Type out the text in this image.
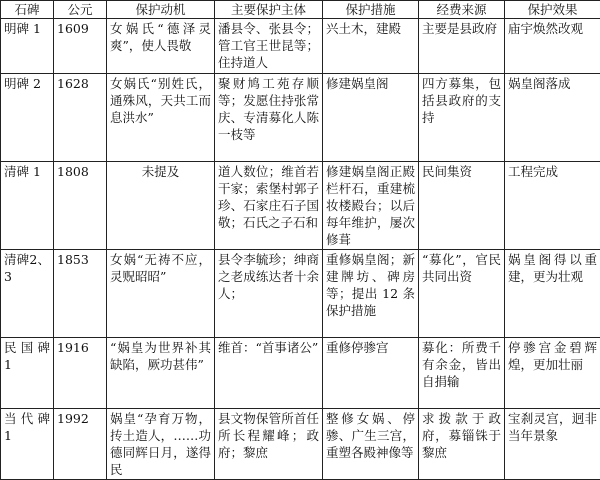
石碑	公元	保护动机	主要保护主体	保护措施	经费来源	保护效果
明碑 1	1609	女娲氏“德泽灵爽”，使人畏敬	潘县令、张县令；管工官王世昆等；住持道人	兴土木，建殿	主要是县政府	庙宇焕然改观
明碑 2	1628	女娲氏“别姓氏，通殊风，天共工而息洪水”	聚财鸠工苑存顺等；发愿住持张常庆、专清募化人陈一枝等	修建娲皇阁	四方募集，包括县政府的支持	娲皇阁落成
清碑 1	1808	未提及	道人数位；维首若干家；索堡村郭子珍、石家庄石子国敬；石氏之子石和	修建娲皇阁正殿栏杆石，重建梳妆楼殿台；以后每年维护，屡次修葺	民间集资	工程完成
清碑2、3	1853	女娲“无祷不应，灵贶昭昭”	县令李毓珍；绅商之老成练达者十余人；	重修娲皇阁；新建牌坊、碑房等；提出 12 条保护措施	“募化”，官民共同出资	娲皇阁得以重建，更为壮观
民国碑 1	1916	“娲皇为世界补其缺陷，厥功甚伟”	维首：“首事诸公”	重修停骖宫	募化：所费千有余金，皆出自捐输	停骖宫金碧辉煌，更加壮丽
当代碑 1	1992	娲皇“孕育万物，抟土造人，……功德同辉日月，遂得民	县文物保管所首任所长程耀峰；政府；黎庶	整修女娲、停骖、广生三宫，重塑各殿神像等	求拨款于政府，募锱铢于黎庶	宝刹灵宫，迥非当年景象
